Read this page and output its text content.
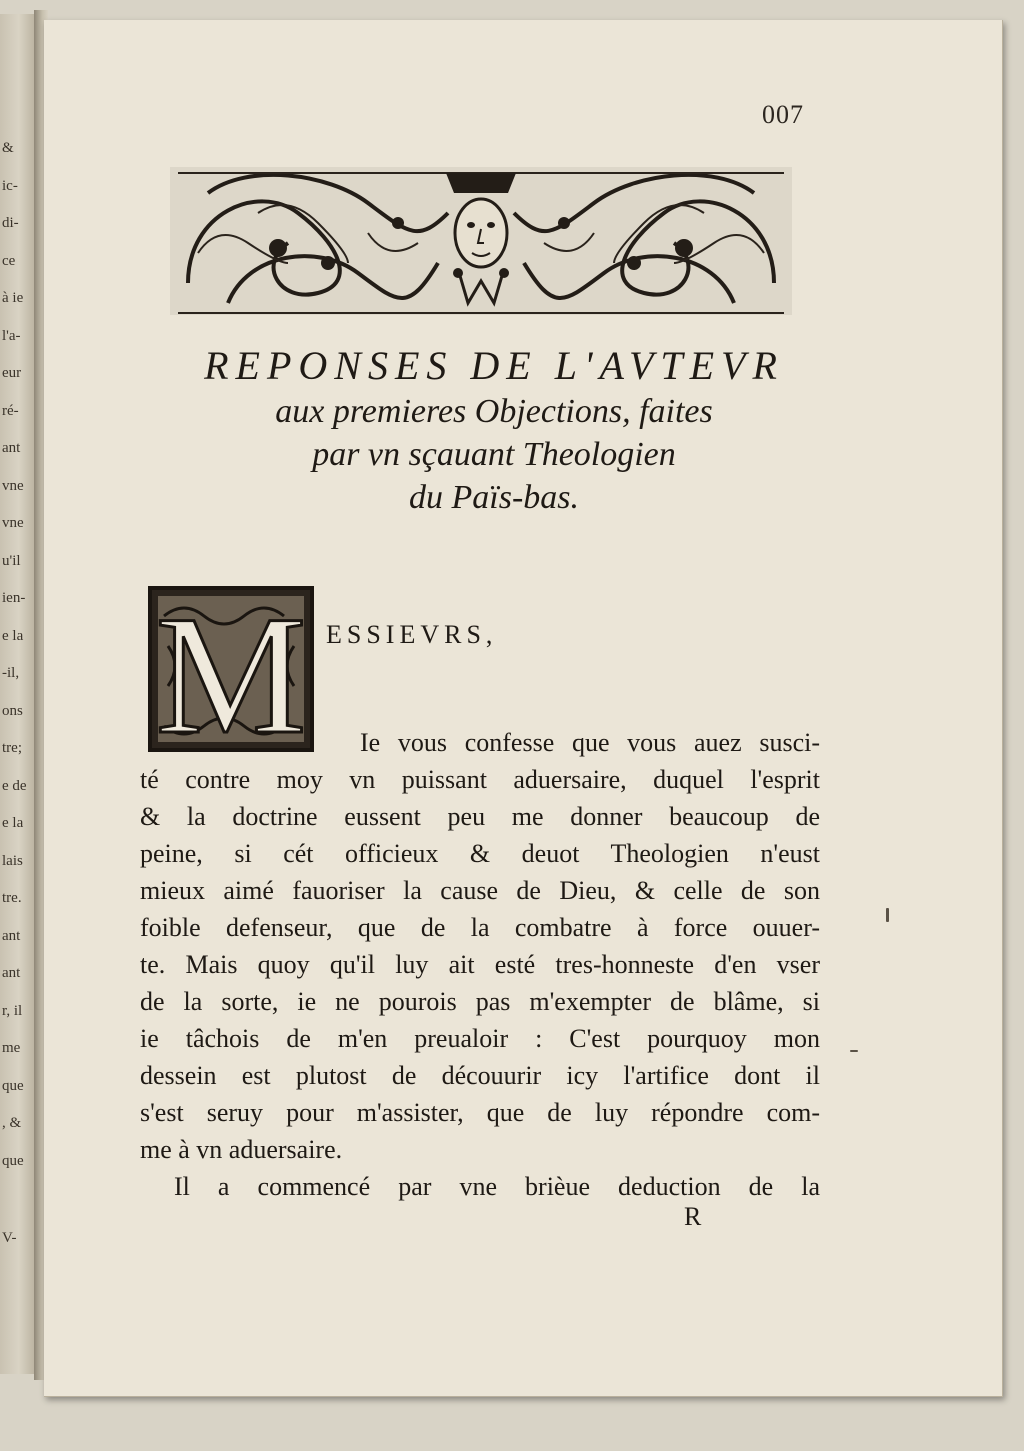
&
ic-
di-
ce
à ie
l'a-
eur
ré-
ant
vne
vne
u'il
ien-
e la
-il,
ons
tre;
e de
e la
lais
tre.
ant
ant
r, il
me
que
, &
que
V-
007

REPONSES DE L'AVTEVR

aux premieres Objections, faites

par vn sçauant Theologien

du Païs-bas.

M ESSIEVRS,
Ie vous confesse que vous auez susci-
té contre moy vn puissant aduersaire, duquel l'esprit
& la doctrine eussent peu me donner beaucoup de
peine, si cét officieux & deuot Theologien n'eust
mieux aimé fauoriser la cause de Dieu, & celle de son
foible defenseur, que de la combatre à force ouuer-
te. Mais quoy qu'il luy ait esté tres-honneste d'en vser
de la sorte, ie ne pourois pas m'exempter de blâme, si
ie tâchois de m'en preualoir : C'est pourquoy mon
dessein est plutost de découurir icy l'artifice dont il
s'est seruy pour m'assister, que de luy répondre com-
me à vn aduersaire.
Il a commencé par vne brièue deduction de la
R
